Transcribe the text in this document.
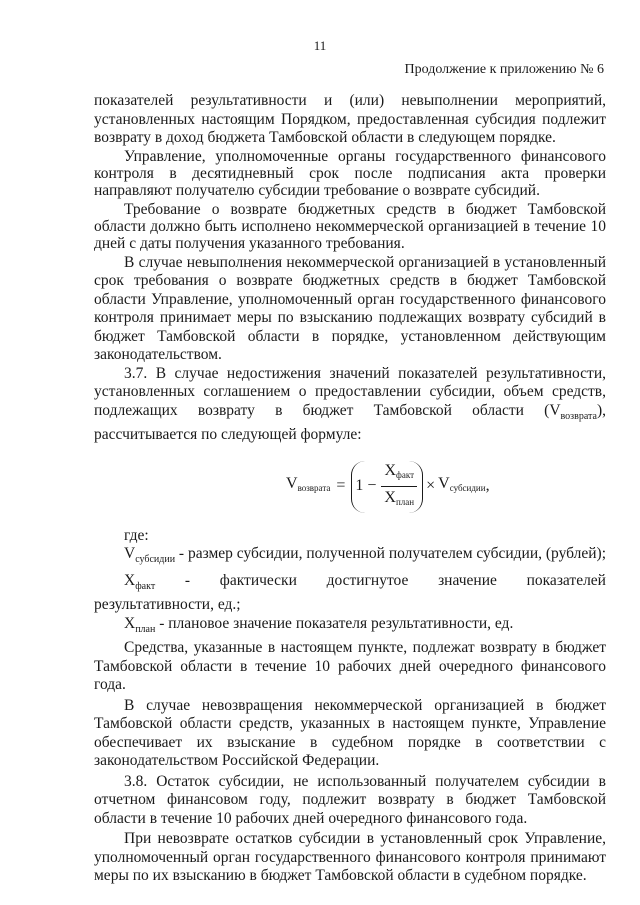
11
Продолжение к приложению № 6

показателей результативности и (или) невыполнении мероприятий, установленных настоящим Порядком, предоставленная субсидия подлежит возврату в доход бюджета Тамбовской области в следующем порядке.

Управление, уполномоченные органы государственного финансового контроля в десятидневный срок после подписания акта проверки направляют получателю субсидии требование о возврате субсидий.

Требование о возврате бюджетных средств в бюджет Тамбовской области должно быть исполнено некоммерческой организацией в течение 10 дней с даты получения указанного требования.

В случае невыполнения некоммерческой организацией в установленный срок требования о возврате бюджетных средств в бюджет Тамбовской области Управление, уполномоченный орган государственного финансового контроля принимает меры по взысканию подлежащих возврату субсидий в бюджет Тамбовской области в порядке, установленном действующим законодательством.

3.7. В случае недостижения значений показателей результативности, установленных соглашением о предоставлении субсидии, объем средств, подлежащих возврату в бюджет Тамбовской области $(V_{возврата})$, рассчитывается по следующей формуле:

$V_{возврата} = 1 - \frac{X_{факт}}{X_{план}} \times V_{субсидии}$ ,

где:

$V_{субсидии}$ - размер субсидии, полученной получателем субсидии, (рублей);

$X_{факт}$ - фактически достигнутое значение показателей

результативности, ед.;

$X_{план}$ - плановое значение показателя результативности, ед.

Средства, указанные в настоящем пункте, подлежат возврату в бюджет Тамбовской области в течение 10 рабочих дней очередного финансового года.

В случае невозвращения некоммерческой организацией в бюджет Тамбовской области средств, указанных в настоящем пункте, Управление обеспечивает их взыскание в судебном порядке в соответствии с законодательством Российской Федерации.

3.8. Остаток субсидии, не использованный получателем субсидии в отчетном финансовом году, подлежит возврату в бюджет Тамбовской области в течение 10 рабочих дней очередного финансового года.

При невозврате остатков субсидии в установленный срок Управление, уполномоченный орган государственного финансового контроля принимают меры по их взысканию в бюджет Тамбовской области в судебном порядке.
